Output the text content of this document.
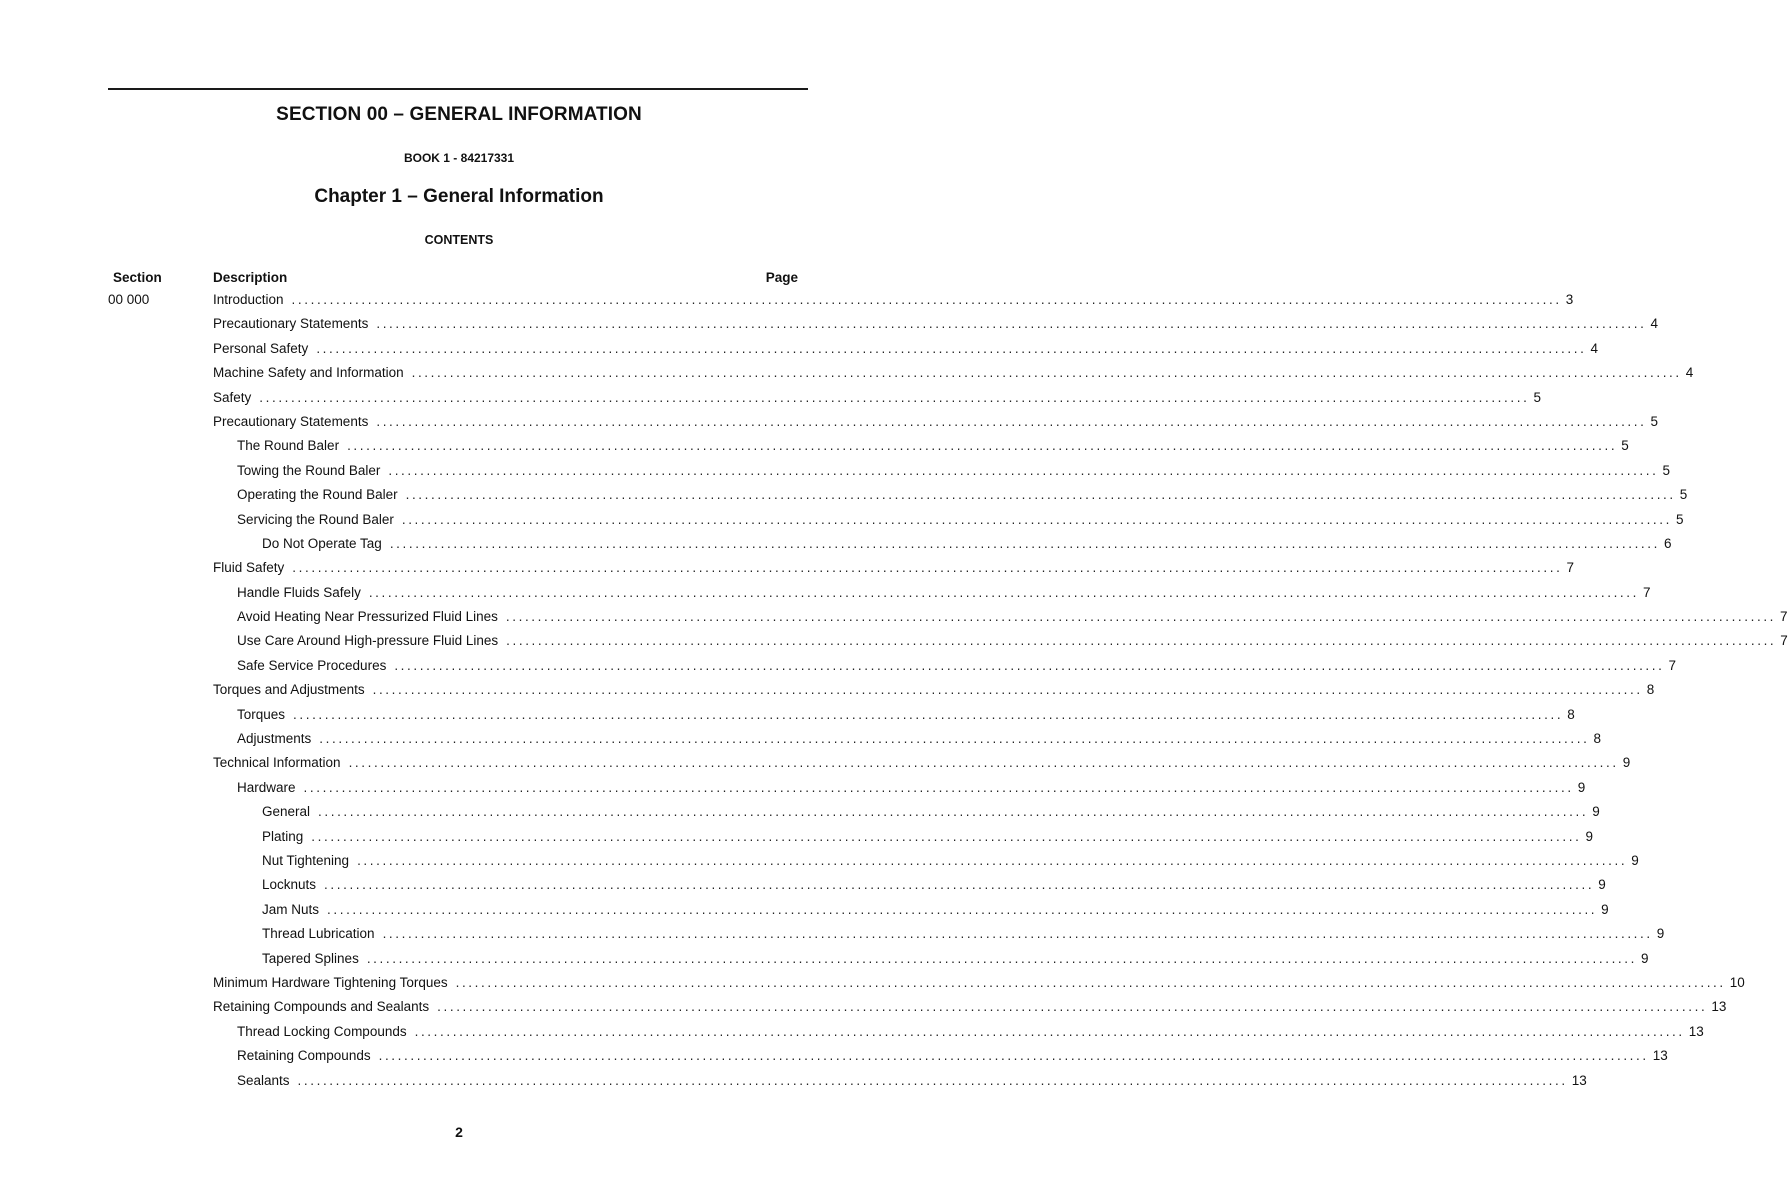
SECTION 00 – GENERAL INFORMATION
BOOK 1 - 84217331
Chapter 1 – General Information
CONTENTS
Section	Description	Page
00 000	Introduction ........................................................................................................................................................................................................ 3
Precautionary Statements ........................................................................................................................................................................................................ 4
Personal Safety ........................................................................................................................................................................................................ 4
Machine Safety and Information ........................................................................................................................................................................................................ 4
Safety ........................................................................................................................................................................................................ 5
Precautionary Statements ........................................................................................................................................................................................................ 5
The Round Baler ........................................................................................................................................................................................................ 5
Towing the Round Baler ........................................................................................................................................................................................................ 5
Operating the Round Baler ........................................................................................................................................................................................................ 5
Servicing the Round Baler ........................................................................................................................................................................................................ 5
Do Not Operate Tag ........................................................................................................................................................................................................ 6
Fluid Safety ........................................................................................................................................................................................................ 7
Handle Fluids Safely ........................................................................................................................................................................................................ 7
Avoid Heating Near Pressurized Fluid Lines ........................................................................................................................................................................................................ 7
Use Care Around High-pressure Fluid Lines ........................................................................................................................................................................................................ 7
Safe Service Procedures ........................................................................................................................................................................................................ 7
Torques and Adjustments ........................................................................................................................................................................................................ 8
Torques ........................................................................................................................................................................................................ 8
Adjustments ........................................................................................................................................................................................................ 8
Technical Information ........................................................................................................................................................................................................ 9
Hardware ........................................................................................................................................................................................................ 9
General ........................................................................................................................................................................................................ 9
Plating ........................................................................................................................................................................................................ 9
Nut Tightening ........................................................................................................................................................................................................ 9
Locknuts ........................................................................................................................................................................................................ 9
Jam Nuts ........................................................................................................................................................................................................ 9
Thread Lubrication ........................................................................................................................................................................................................ 9
Tapered Splines ........................................................................................................................................................................................................ 9
Minimum Hardware Tightening Torques ........................................................................................................................................................................................................ 10
Retaining Compounds and Sealants ........................................................................................................................................................................................................ 13
Thread Locking Compounds ........................................................................................................................................................................................................ 13
Retaining Compounds ........................................................................................................................................................................................................ 13
Sealants ........................................................................................................................................................................................................ 13
2
